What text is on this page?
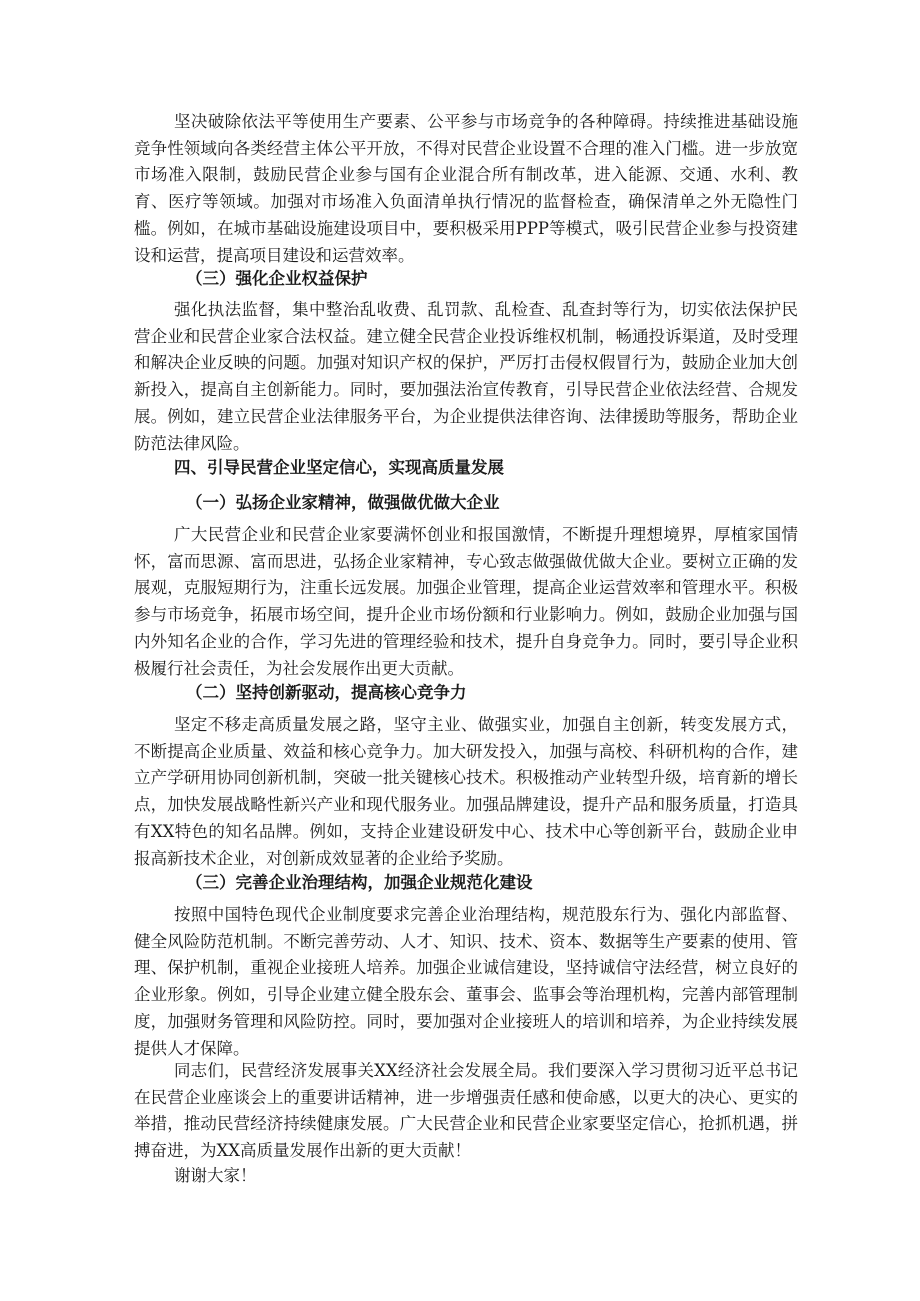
坚决破除依法平等使用生产要素、公平参与市场竞争的各种障碍。持续推进基础设施竞争性领域向各类经营主体公平开放，不得对民营企业设置不合理的准入门槛。进一步放宽市场准入限制，鼓励民营企业参与国有企业混合所有制改革，进入能源、交通、水利、教育、医疗等领域。加强对市场准入负面清单执行情况的监督检查，确保清单之外无隐性门槛。例如，在城市基础设施建设项目中，要积极采用PPP等模式，吸引民营企业参与投资建设和运营，提高项目建设和运营效率。

（三）强化企业权益保护

强化执法监督，集中整治乱收费、乱罚款、乱检查、乱查封等行为，切实依法保护民营企业和民营企业家合法权益。建立健全民营企业投诉维权机制，畅通投诉渠道，及时受理和解决企业反映的问题。加强对知识产权的保护，严厉打击侵权假冒行为，鼓励企业加大创新投入，提高自主创新能力。同时，要加强法治宣传教育，引导民营企业依法经营、合规发展。例如，建立民营企业法律服务平台，为企业提供法律咨询、法律援助等服务，帮助企业防范法律风险。

四、引导民营企业坚定信心，实现高质量发展

（一）弘扬企业家精神，做强做优做大企业

广大民营企业和民营企业家要满怀创业和报国激情，不断提升理想境界，厚植家国情怀，富而思源、富而思进，弘扬企业家精神，专心致志做强做优做大企业。要树立正确的发展观，克服短期行为，注重长远发展。加强企业管理，提高企业运营效率和管理水平。积极参与市场竞争，拓展市场空间，提升企业市场份额和行业影响力。例如，鼓励企业加强与国内外知名企业的合作，学习先进的管理经验和技术，提升自身竞争力。同时，要引导企业积极履行社会责任，为社会发展作出更大贡献。

（二）坚持创新驱动，提高核心竞争力

坚定不移走高质量发展之路，坚守主业、做强实业，加强自主创新，转变发展方式，不断提高企业质量、效益和核心竞争力。加大研发投入，加强与高校、科研机构的合作，建立产学研用协同创新机制，突破一批关键核心技术。积极推动产业转型升级，培育新的增长点，加快发展战略性新兴产业和现代服务业。加强品牌建设，提升产品和服务质量，打造具有XX特色的知名品牌。例如，支持企业建设研发中心、技术中心等创新平台，鼓励企业申报高新技术企业，对创新成效显著的企业给予奖励。

（三）完善企业治理结构，加强企业规范化建设

按照中国特色现代企业制度要求完善企业治理结构，规范股东行为、强化内部监督、健全风险防范机制。不断完善劳动、人才、知识、技术、资本、数据等生产要素的使用、管理、保护机制，重视企业接班人培养。加强企业诚信建设，坚持诚信守法经营，树立良好的企业形象。例如，引导企业建立健全股东会、董事会、监事会等治理机构，完善内部管理制度，加强财务管理和风险防控。同时，要加强对企业接班人的培训和培养，为企业持续发展提供人才保障。

同志们，民营经济发展事关XX经济社会发展全局。我们要深入学习贯彻习近平总书记在民营企业座谈会上的重要讲话精神，进一步增强责任感和使命感，以更大的决心、更实的举措，推动民营经济持续健康发展。广大民营企业和民营企业家要坚定信心，抢抓机遇，拼搏奋进，为XX高质量发展作出新的更大贡献！

谢谢大家！
